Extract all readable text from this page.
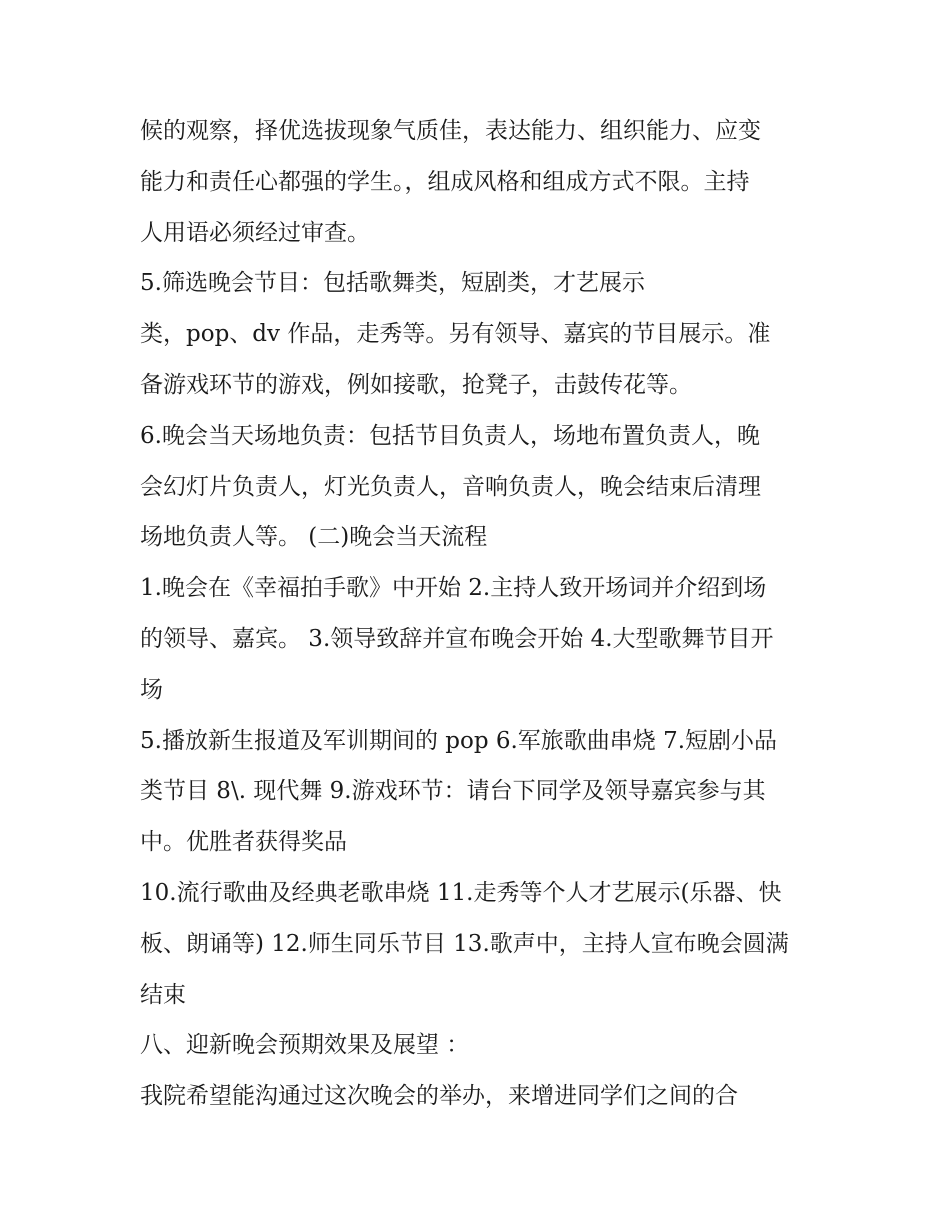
候的观察，择优选拔现象气质佳，表达能力、组织能力、应变
能力和责任心都强的学生。，组成风格和组成方式不限。主持
人用语必须经过审查。
5.筛选晚会节目：包括歌舞类，短剧类，才艺展示
类，pop、dv 作品，走秀等。另有领导、嘉宾的节目展示。准
备游戏环节的游戏，例如接歌，抢凳子，击鼓传花等。
6.晚会当天场地负责：包括节目负责人，场地布置负责人，晚
会幻灯片负责人，灯光负责人，音响负责人，晚会结束后清理
场地负责人等。 (二)晚会当天流程
1.晚会在《幸福拍手歌》中开始 2.主持人致开场词并介绍到场
的领导、嘉宾。 3.领导致辞并宣布晚会开始 4.大型歌舞节目开
场
5.播放新生报道及军训期间的 pop 6.军旅歌曲串烧 7.短剧小品
类节目 8\. 现代舞 9.游戏环节：请台下同学及领导嘉宾参与其
中。优胜者获得奖品
10.流行歌曲及经典老歌串烧 11.走秀等个人才艺展示(乐器、快
板、朗诵等) 12.师生同乐节目 13.歌声中，主持人宣布晚会圆满
结束
八、迎新晚会预期效果及展望 ：
我院希望能沟通过这次晚会的举办，来增进同学们之间的合
